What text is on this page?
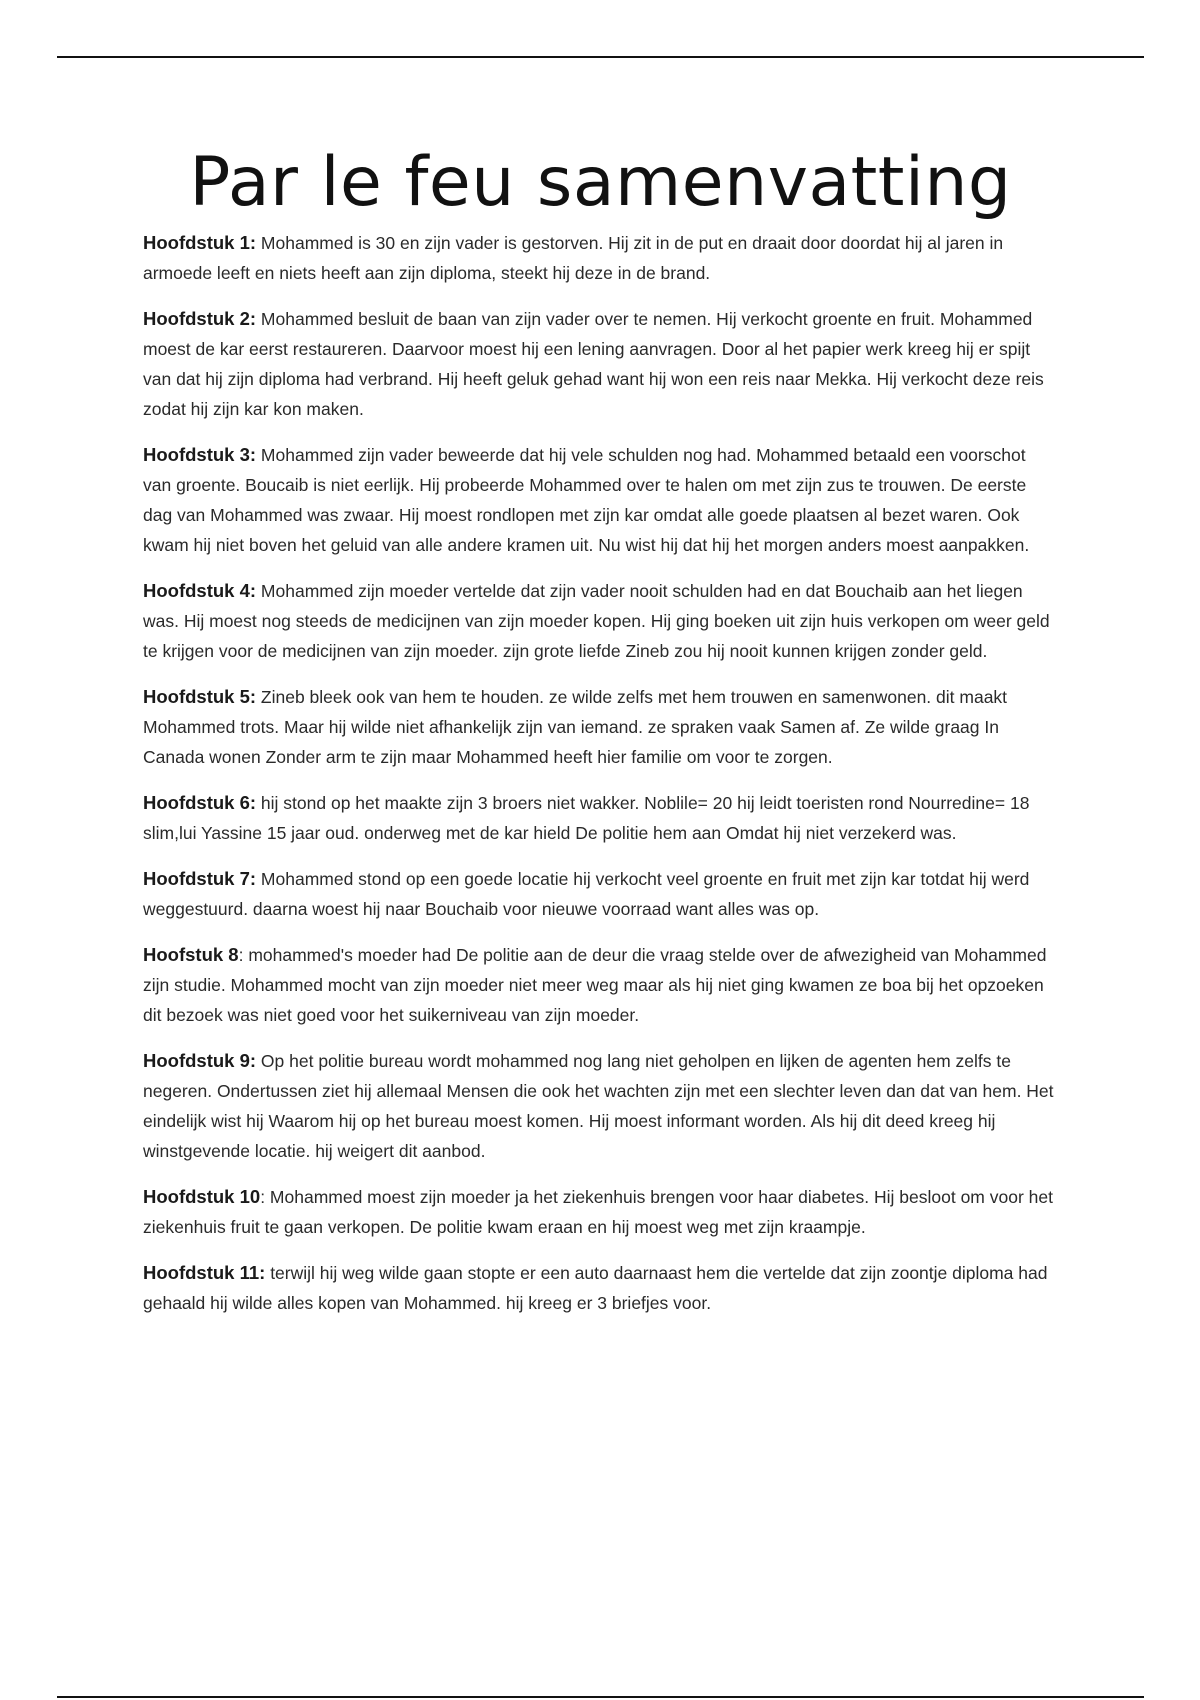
Par le feu samenvatting

Hoofdstuk 1: Mohammed is 30 en zijn vader is gestorven. Hij zit in de put en draait door doordat hij al jaren in armoede leeft en niets heeft aan zijn diploma, steekt hij deze in de brand.

Hoofdstuk 2: Mohammed besluit de baan van zijn vader over te nemen. Hij verkocht groente en fruit. Mohammed moest de kar eerst restaureren. Daarvoor moest hij een lening aanvragen. Door al het papier werk kreeg hij er spijt van dat hij zijn diploma had verbrand. Hij heeft geluk gehad want hij won een reis naar Mekka. Hij verkocht deze reis zodat hij zijn kar kon maken.

Hoofdstuk 3: Mohammed zijn vader beweerde dat hij vele schulden nog had. Mohammed betaald een voorschot van groente. Boucaib is niet eerlijk. Hij probeerde Mohammed over te halen om met zijn zus te trouwen. De eerste dag van Mohammed was zwaar. Hij moest rondlopen met zijn kar omdat alle goede plaatsen al bezet waren. Ook kwam hij niet boven het geluid van alle andere kramen uit. Nu wist hij dat hij het morgen anders moest aanpakken.

Hoofdstuk 4: Mohammed zijn moeder vertelde dat zijn vader nooit schulden had en dat Bouchaib aan het liegen was. Hij moest nog steeds de medicijnen van zijn moeder kopen. Hij ging boeken uit zijn huis verkopen om weer geld te krijgen voor de medicijnen van zijn moeder. zijn grote liefde Zineb zou hij nooit kunnen krijgen zonder geld.

Hoofdstuk 5: Zineb bleek ook van hem te houden. ze wilde zelfs met hem trouwen en samenwonen. dit maakt Mohammed trots. Maar hij wilde niet afhankelijk zijn van iemand. ze spraken vaak Samen af. Ze wilde graag In Canada wonen Zonder arm te zijn maar Mohammed heeft hier familie om voor te zorgen.

Hoofdstuk 6: hij stond op het maakte zijn 3 broers niet wakker. Noblile= 20 hij leidt toeristen rond Nourredine= 18 slim,lui Yassine 15 jaar oud. onderweg met de kar hield De politie hem aan Omdat hij niet verzekerd was.

Hoofdstuk 7: Mohammed stond op een goede locatie hij verkocht veel groente en fruit met zijn kar totdat hij werd weggestuurd. daarna woest hij naar Bouchaib voor nieuwe voorraad want alles was op.

Hoofstuk 8: mohammed's moeder had De politie aan de deur die vraag stelde over de afwezigheid van Mohammed zijn studie. Mohammed mocht van zijn moeder niet meer weg maar als hij niet ging kwamen ze boa bij het opzoeken dit bezoek was niet goed voor het suikerniveau van zijn moeder.

Hoofdstuk 9: Op het politie bureau wordt mohammed nog lang niet geholpen en lijken de agenten hem zelfs te negeren. Ondertussen ziet hij allemaal Mensen die ook het wachten zijn met een slechter leven dan dat van hem. Het eindelijk wist hij Waarom hij op het bureau moest komen. Hij moest informant worden. Als hij dit deed kreeg hij winstgevende locatie. hij weigert dit aanbod.

Hoofdstuk 10: Mohammed moest zijn moeder ja het ziekenhuis brengen voor haar diabetes. Hij besloot om voor het ziekenhuis fruit te gaan verkopen. De politie kwam eraan en hij moest weg met zijn kraampje.

Hoofdstuk 11: terwijl hij weg wilde gaan stopte er een auto daarnaast hem die vertelde dat zijn zoontje diploma had gehaald hij wilde alles kopen van Mohammed. hij kreeg er 3 briefjes voor.
